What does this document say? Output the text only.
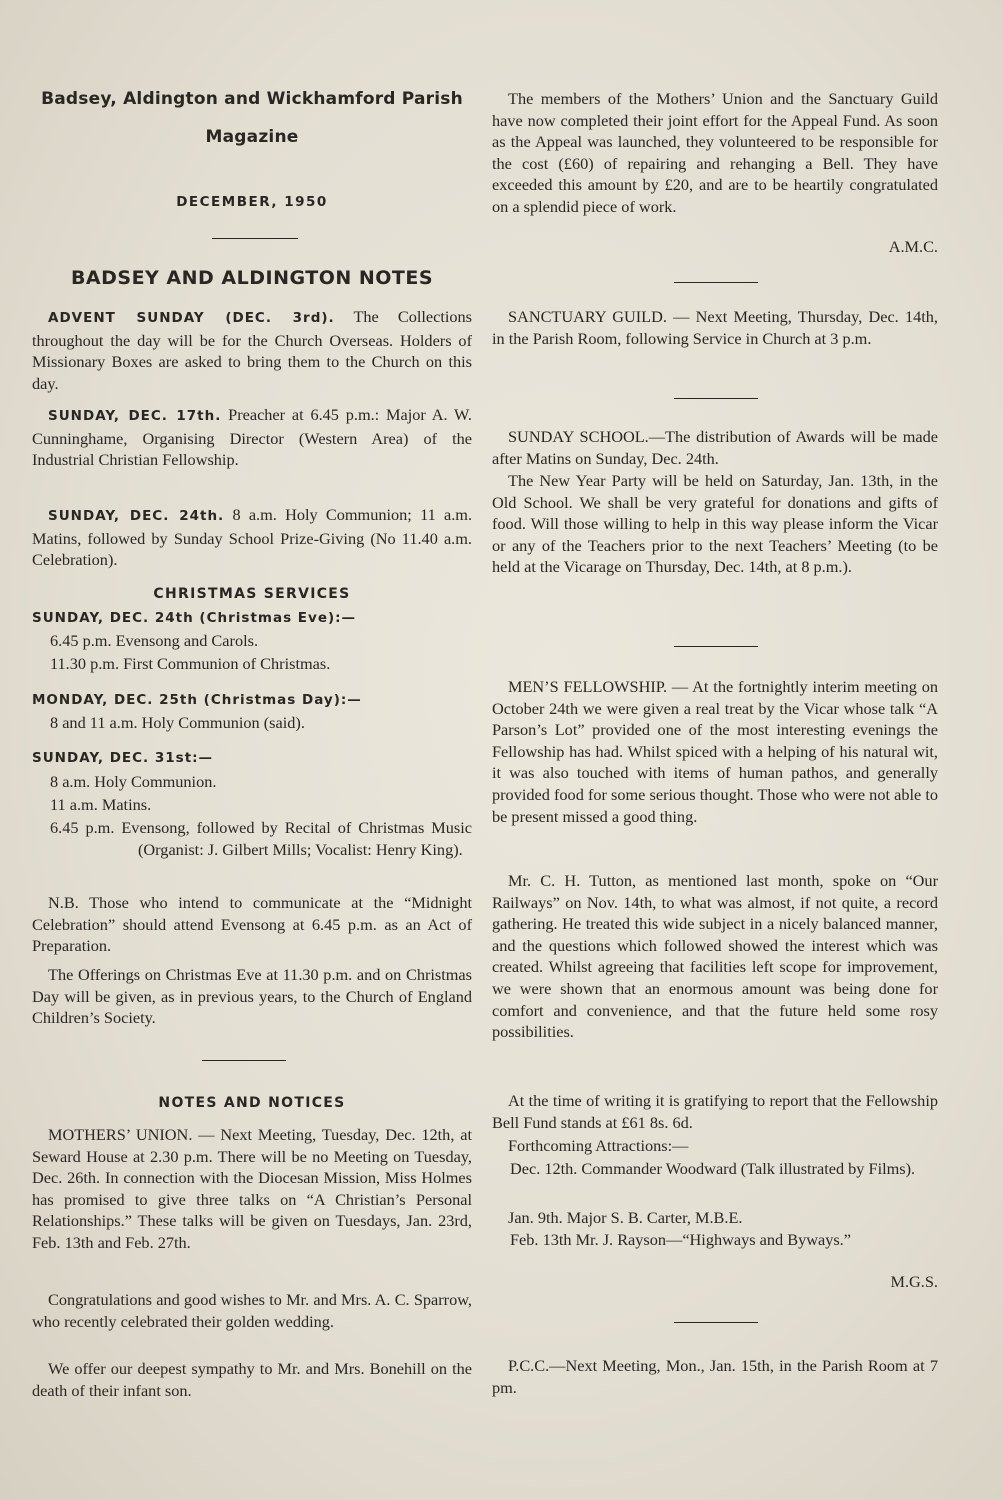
Badsey, Aldington and Wickhamford Parish
Magazine
DECEMBER, 1950
BADSEY AND ALDINGTON NOTES

ADVENT SUNDAY (DEC. 3rd). The Collections throughout the day will be for the Church Overseas. Holders of Missionary Boxes are asked to bring them to the Church on this day.

SUNDAY, DEC. 17th. Preacher at 6.45 p.m.: Major A. W. Cunninghame, Organising Director (Western Area) of the Industrial Christian Fellowship.

SUNDAY, DEC. 24th. 8 a.m. Holy Communion; 11 a.m. Matins, followed by Sunday School Prize-Giving (No 11.40 a.m. Celebration).

CHRISTMAS SERVICES
SUNDAY, DEC. 24th (Christmas Eve):—
6.45 p.m. Evensong and Carols.
11.30 p.m. First Communion of Christmas.
MONDAY, DEC. 25th (Christmas Day):—
8 and 11 a.m. Holy Communion (said).
SUNDAY, DEC. 31st:—
8 a.m. Holy Communion.
11 a.m. Matins.
6.45 p.m. Evensong, followed by Recital of Christmas Music (Organist: J. Gilbert Mills; Vocalist: Henry King).

N.B. Those who intend to communicate at the “Midnight Celebration” should attend Evensong at 6.45 p.m. as an Act of Preparation.

The Offerings on Christmas Eve at 11.30 p.m. and on Christmas Day will be given, as in previous years, to the Church of England Children’s Society.

NOTES AND NOTICES

MOTHERS’ UNION. — Next Meeting, Tuesday, Dec. 12th, at Seward House at 2.30 p.m. There will be no Meeting on Tuesday, Dec. 26th. In connection with the Diocesan Mission, Miss Holmes has promised to give three talks on “A Christian’s Personal Relationships.” These talks will be given on Tuesdays, Jan. 23rd, Feb. 13th and Feb. 27th.

Congratulations and good wishes to Mr. and Mrs. A. C. Sparrow, who recently celebrated their golden wedding.

We offer our deepest sympathy to Mr. and Mrs. Bonehill on the death of their infant son.

The members of the Mothers’ Union and the Sanctuary Guild have now completed their joint effort for the Appeal Fund. As soon as the Appeal was launched, they volunteered to be responsible for the cost (£60) of repairing and rehanging a Bell. They have exceeded this amount by £20, and are to be heartily congratulated on a splendid piece of work.

A.M.C.

SANCTUARY GUILD. — Next Meeting, Thursday, Dec. 14th, in the Parish Room, following Service in Church at 3 p.m.

SUNDAY SCHOOL.—The distribution of Awards will be made after Matins on Sunday, Dec. 24th.

The New Year Party will be held on Saturday, Jan. 13th, in the Old School. We shall be very grateful for donations and gifts of food. Will those willing to help in this way please inform the Vicar or any of the Teachers prior to the next Teachers’ Meeting (to be held at the Vicarage on Thursday, Dec. 14th, at 8 p.m.).

MEN’S FELLOWSHIP. — At the fortnightly interim meeting on October 24th we were given a real treat by the Vicar whose talk “A Parson’s Lot” provided one of the most interesting evenings the Fellowship has had. Whilst spiced with a helping of his natural wit, it was also touched with items of human pathos, and generally provided food for some serious thought. Those who were not able to be present missed a good thing.

Mr. C. H. Tutton, as mentioned last month, spoke on “Our Railways” on Nov. 14th, to what was almost, if not quite, a record gathering. He treated this wide subject in a nicely balanced manner, and the questions which followed showed the interest which was created. Whilst agreeing that facilities left scope for improvement, we were shown that an enormous amount was being done for comfort and convenience, and that the future held some rosy possibilities.

At the time of writing it is gratifying to report that the Fellowship Bell Fund stands at £61 8s. 6d.

Forthcoming Attractions:—
Dec. 12th. Commander Woodward (Talk illustrated by Films).
Jan. 9th. Major S. B. Carter, M.B.E.
Feb. 13th Mr. J. Rayson—“Highways and Byways.”
M.G.S.

P.C.C.—Next Meeting, Mon., Jan. 15th, in the Parish Room at 7 pm.
